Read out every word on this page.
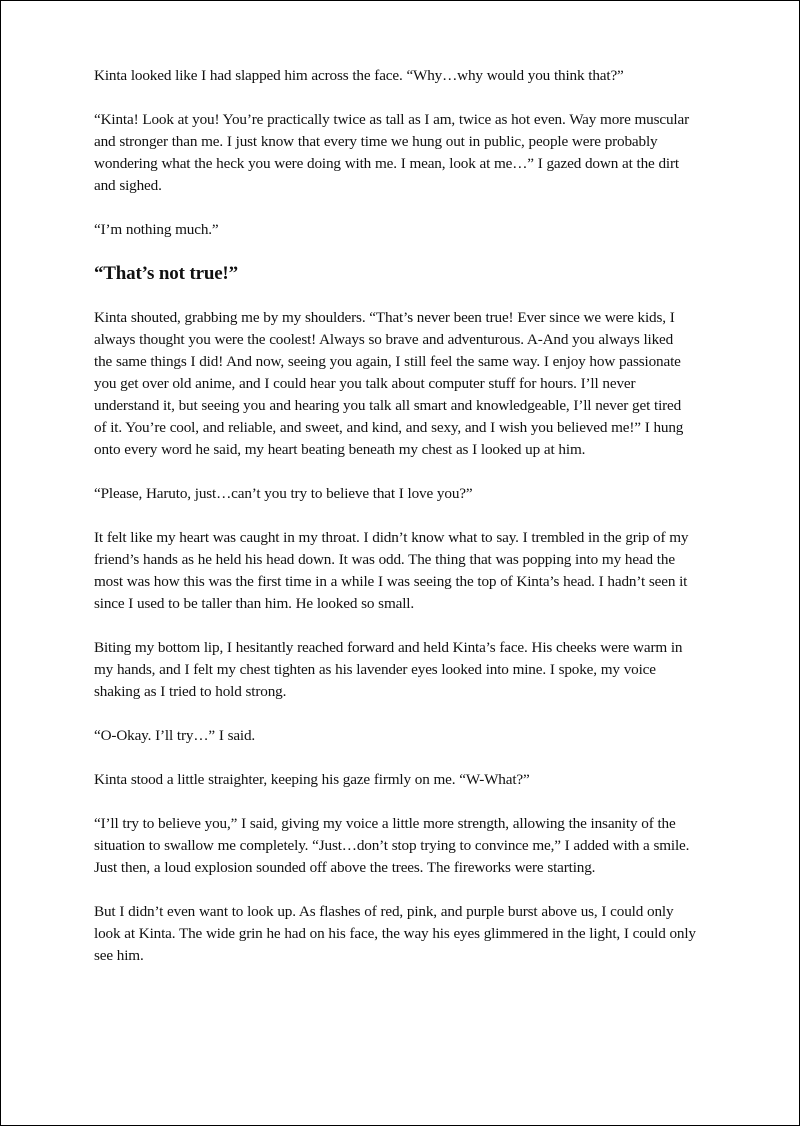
Kinta looked like I had slapped him across the face. “Why…why would you think that?”

“Kinta! Look at you! You’re practically twice as tall as I am, twice as hot even. Way more muscular
and stronger than me. I just know that every time we hung out in public, people were probably
wondering what the heck you were doing with me. I mean, look at me…” I gazed down at the dirt
and sighed.

“I’m nothing much.”

“That’s not true!”

Kinta shouted, grabbing me by my shoulders. “That’s never been true! Ever since we were kids, I
always thought you were the coolest! Always so brave and adventurous. A-And you always liked
the same things I did! And now, seeing you again, I still feel the same way. I enjoy how passionate
you get over old anime, and I could hear you talk about computer stuff for hours. I’ll never
understand it, but seeing you and hearing you talk all smart and knowledgeable, I’ll never get tired
of it. You’re cool, and reliable, and sweet, and kind, and sexy, and I wish you believed me!” I hung
onto every word he said, my heart beating beneath my chest as I looked up at him.

“Please, Haruto, just…can’t you try to believe that I love you?”

It felt like my heart was caught in my throat. I didn’t know what to say. I trembled in the grip of my
friend’s hands as he held his head down. It was odd. The thing that was popping into my head the
most was how this was the first time in a while I was seeing the top of Kinta’s head. I hadn’t seen it
since I used to be taller than him. He looked so small.

Biting my bottom lip, I hesitantly reached forward and held Kinta’s face. His cheeks were warm in
my hands, and I felt my chest tighten as his lavender eyes looked into mine. I spoke, my voice
shaking as I tried to hold strong.

“O-Okay. I’ll try…” I said.

Kinta stood a little straighter, keeping his gaze firmly on me. “W-What?”

“I’ll try to believe you,” I said, giving my voice a little more strength, allowing the insanity of the
situation to swallow me completely. “Just…don’t stop trying to convince me,” I added with a smile.
Just then, a loud explosion sounded off above the trees. The fireworks were starting.

But I didn’t even want to look up. As flashes of red, pink, and purple burst above us, I could only
look at Kinta. The wide grin he had on his face, the way his eyes glimmered in the light, I could only
see him.
